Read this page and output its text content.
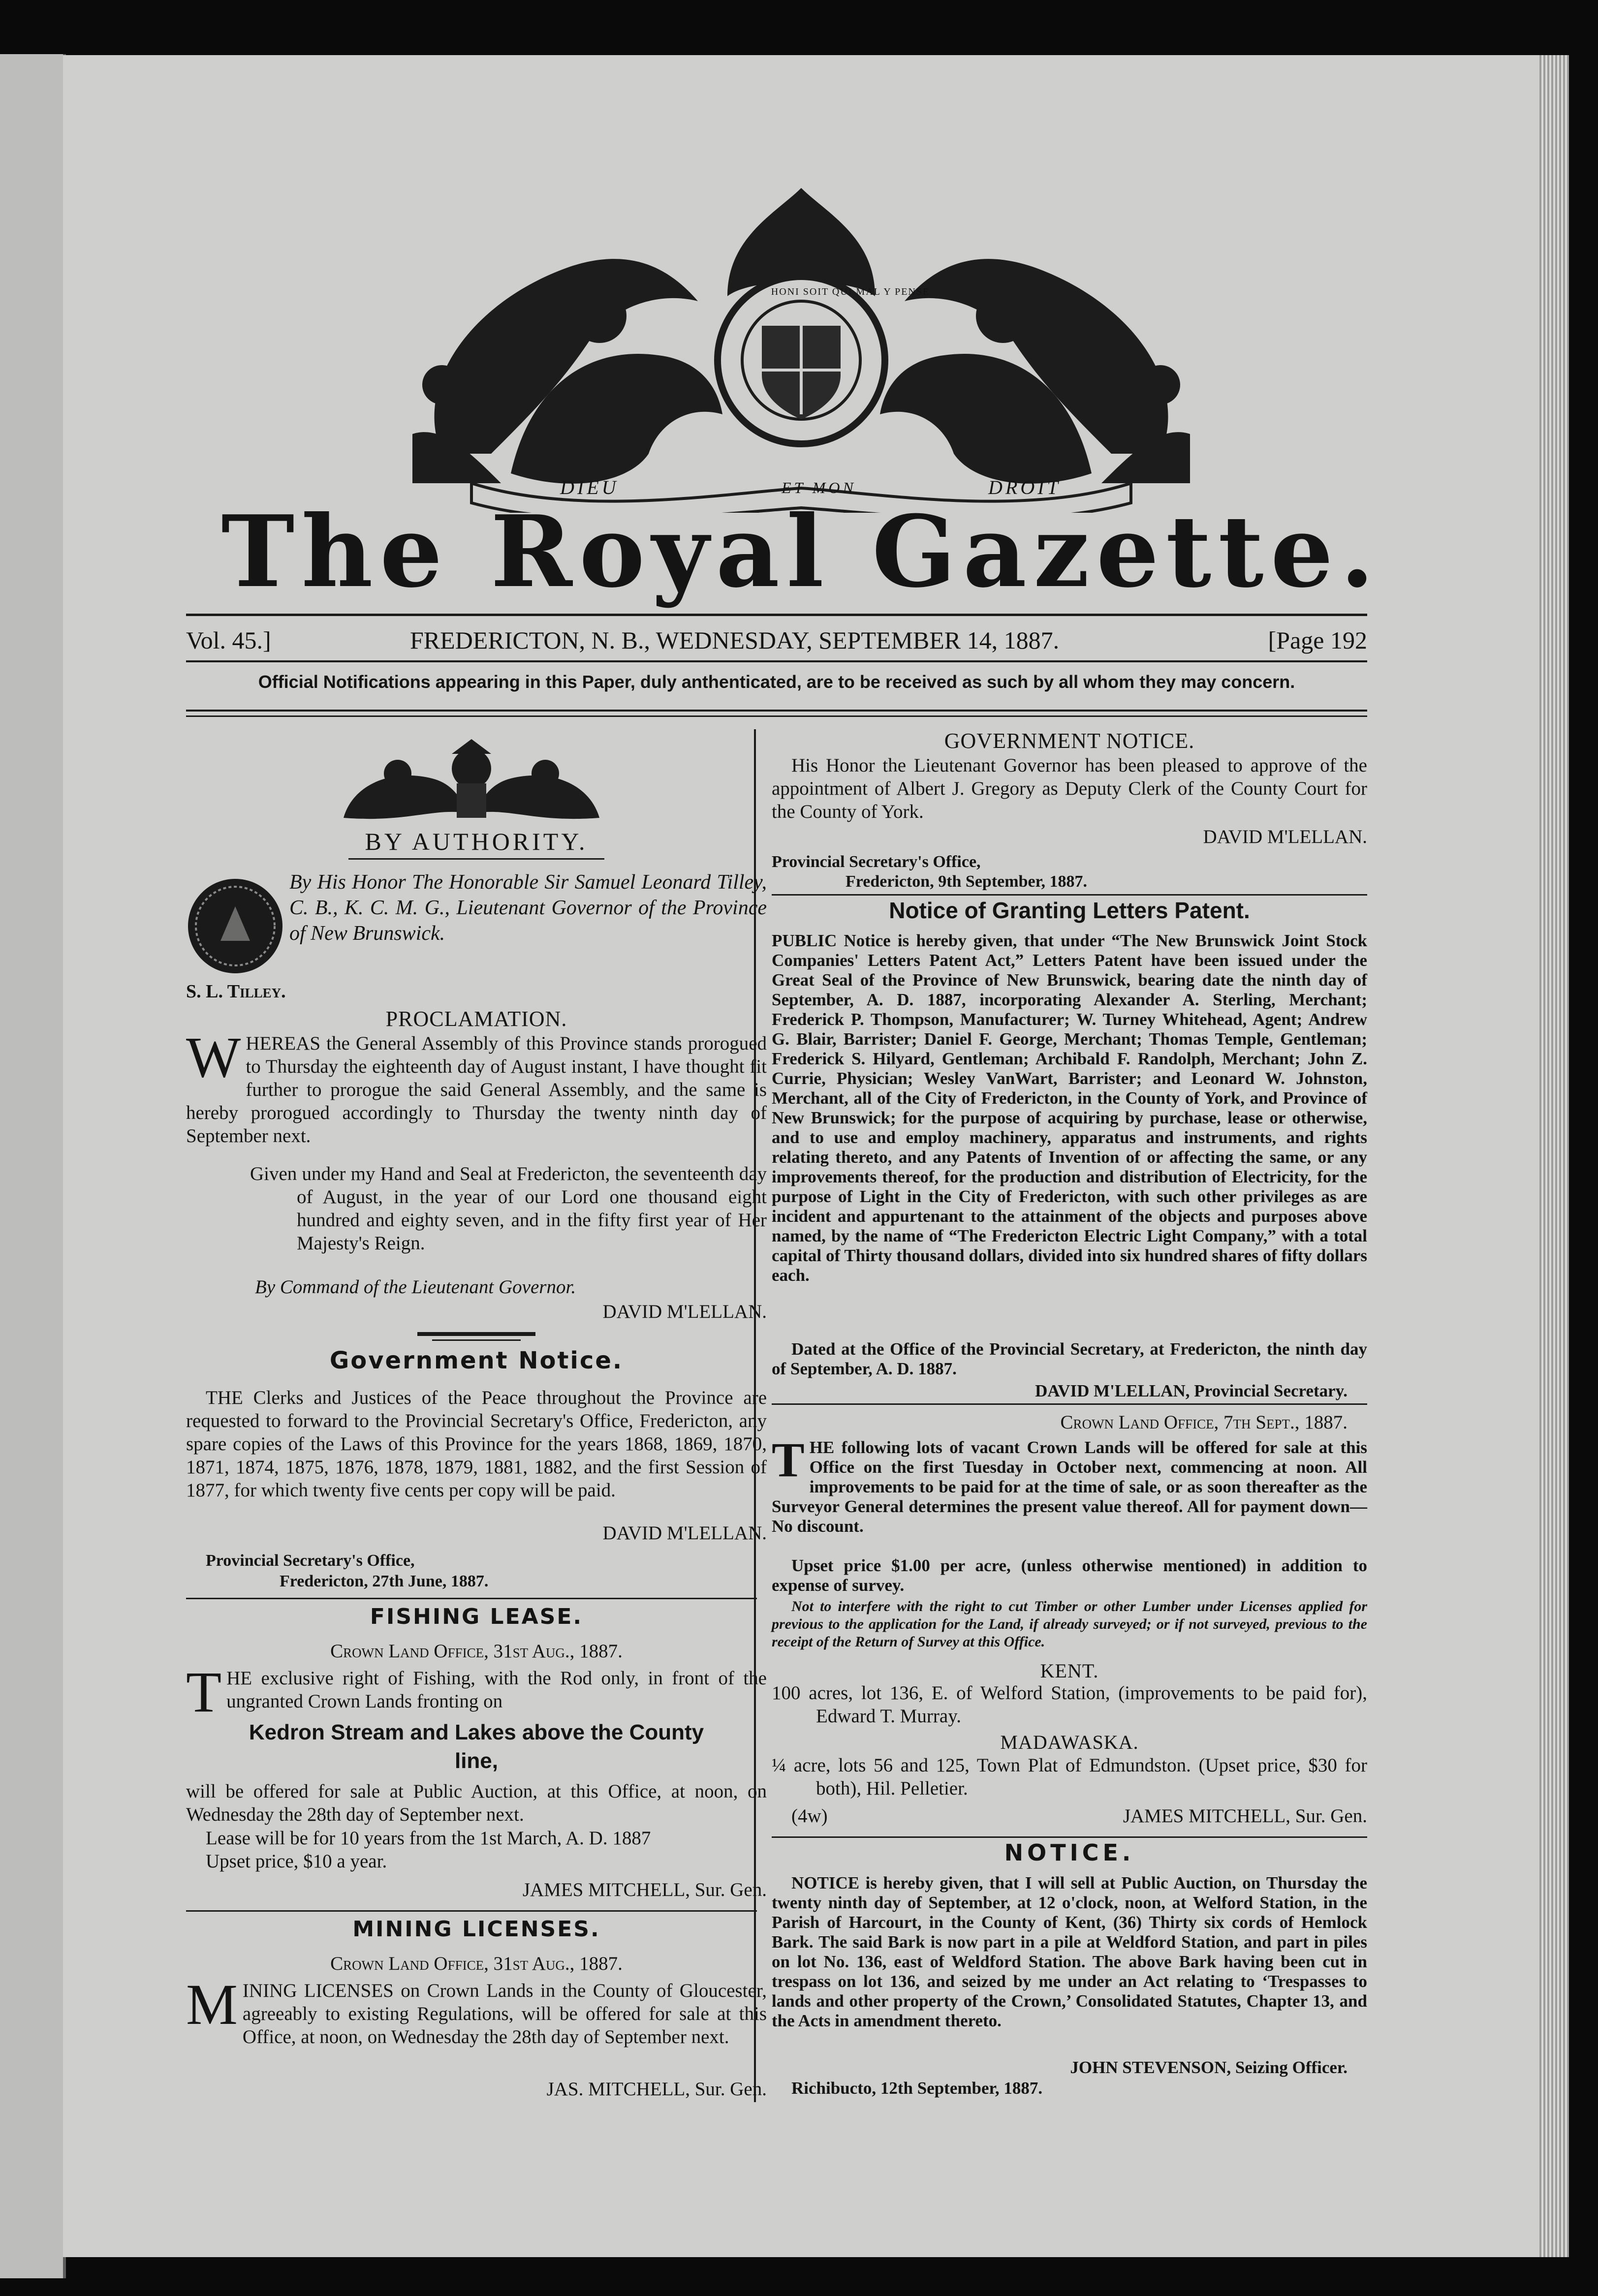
DIEU	ET MON	DROIT
HONI SOIT QUI MAL Y PENSE
The Royal Gazette.
Vol. 45.]	FREDERICTON, N. B., WEDNESDAY, SEPTEMBER 14, 1887.	[Page 192
Official Notifications appearing in this Paper, duly anthenticated, are to be received as such by all whom they may concern.
BY AUTHORITY.

By His Honor The Honorable Sir Samuel Leonard Tilley, C. B., K. C. M. G., Lieutenant Governor of the Province of New Brunswick.

S. L. Tilley.
PROCLAMATION.

WHEREAS the General Assembly of this Province stands prorogued to Thursday the eighteenth day of August instant, I have thought fit further to prorogue the said General Assembly, and the same is hereby prorogued accordingly to Thursday the twenty ninth day of September next.

Given under my Hand and Seal at Fredericton, the seventeenth day of August, in the year of our Lord one thousand eight hundred and eighty seven, and in the fifty first year of Her Majesty's Reign.

By Command of the Lieutenant Governor.
DAVID M'LELLAN.
Government Notice.

THE Clerks and Justices of the Peace throughout the Province are requested to forward to the Provincial Secretary's Office, Fredericton, any spare copies of the Laws of this Province for the years 1868, 1869, 1870, 1871, 1874, 1875, 1876, 1878, 1879, 1881, 1882, and the first Session of 1877, for which twenty five cents per copy will be paid.

DAVID M'LELLAN.
Provincial Secretary's Office,
Fredericton, 27th June, 1887.
FISHING LEASE.
Crown Land Office, 31st Aug., 1887.

THE exclusive right of Fishing, with the Rod only, in front of the ungranted Crown Lands fronting on

Kedron Stream and Lakes above the County line,

will be offered for sale at Public Auction, at this Office, at noon, on Wednesday the 28th day of September next.

Lease will be for 10 years from the 1st March, A. D. 1887

Upset price, $10 a year.

JAMES MITCHELL, Sur. Gen.
MINING LICENSES.
Crown Land Office, 31st Aug., 1887.

MINING LICENSES on Crown Lands in the County of Gloucester, agreeably to existing Regulations, will be offered for sale at this Office, at noon, on Wednesday the 28th day of September next.

JAS. MITCHELL, Sur. Gen.
GOVERNMENT NOTICE.

His Honor the Lieutenant Governor has been pleased to approve of the appointment of Albert J. Gregory as Deputy Clerk of the County Court for the County of York.

DAVID M'LELLAN.
Provincial Secretary's Office,
Fredericton, 9th September, 1887.
Notice of Granting Letters Patent.

PUBLIC Notice is hereby given, that under “The New Brunswick Joint Stock Companies' Letters Patent Act,” Letters Patent have been issued under the Great Seal of the Province of New Brunswick, bearing date the ninth day of September, A. D. 1887, incorporating Alexander A. Sterling, Merchant; Frederick P. Thompson, Manufacturer; W. Turney Whitehead, Agent; Andrew G. Blair, Barrister; Daniel F. George, Merchant; Thomas Temple, Gentleman; Frederick S. Hilyard, Gentleman; Archibald F. Randolph, Merchant; John Z. Currie, Physician; Wesley VanWart, Barrister; and Leonard W. Johnston, Merchant, all of the City of Fredericton, in the County of York, and Province of New Brunswick; for the purpose of acquiring by purchase, lease or otherwise, and to use and employ machinery, apparatus and instruments, and rights relating thereto, and any Patents of Invention of or affecting the same, or any improvements thereof, for the production and distribution of Electricity, for the purpose of Light in the City of Fredericton, with such other privileges as are incident and appurtenant to the attainment of the objects and purposes above named, by the name of “The Fredericton Electric Light Company,” with a total capital of Thirty thousand dollars, divided into six hundred shares of fifty dollars each.

Dated at the Office of the Provincial Secretary, at Fredericton, the ninth day of September, A. D. 1887.

DAVID M'LELLAN, Provincial Secretary.
Crown Land Office, 7th Sept., 1887.

THE following lots of vacant Crown Lands will be offered for sale at this Office on the first Tuesday in October next, commencing at noon. All improvements to be paid for at the time of sale, or as soon thereafter as the Surveyor General determines the present value thereof. All for payment down—No discount.

Upset price $1.00 per acre, (unless otherwise mentioned) in addition to expense of survey.

Not to interfere with the right to cut Timber or other Lumber under Licenses applied for previous to the application for the Land, if already surveyed; or if not surveyed, previous to the receipt of the Return of Survey at this Office.

KENT.

100 acres, lot 136, E. of Welford Station, (improvements to be paid for), Edward T. Murray.

MADAWASKA.

¼ acre, lots 56 and 125, Town Plat of Edmundston. (Upset price, $30 for both), Hil. Pelletier.

(4w)	JAMES MITCHELL, Sur. Gen.
NOTICE.

NOTICE is hereby given, that I will sell at Public Auction, on Thursday the twenty ninth day of September, at 12 o'clock, noon, at Welford Station, in the Parish of Harcourt, in the County of Kent, (36) Thirty six cords of Hemlock Bark. The said Bark is now part in a pile at Weldford Station, and part in piles on lot No. 136, east of Weldford Station. The above Bark having been cut in trespass on lot 136, and seized by me under an Act relating to ‘Trespasses to lands and other property of the Crown,’ Consolidated Statutes, Chapter 13, and the Acts in amendment thereto.

JOHN STEVENSON, Seizing Officer.
Richibucto, 12th September, 1887.
